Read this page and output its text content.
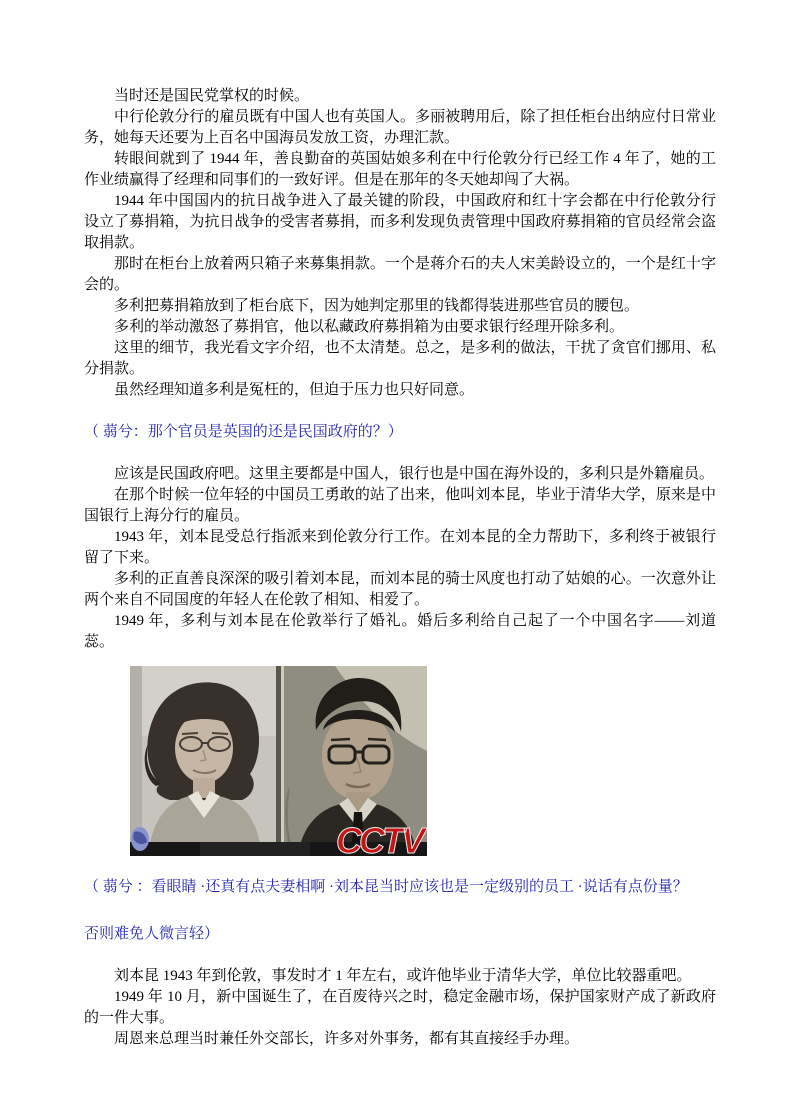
当时还是国民党掌权的时候。

中行伦敦分行的雇员既有中国人也有英国人。多丽被聘用后，除了担任柜台出纳应付日常业务，她每天还要为上百名中国海员发放工资，办理汇款。

转眼间就到了 1944 年，善良勤奋的英国姑娘多利在中行伦敦分行已经工作 4 年了，她的工作业绩赢得了经理和同事们的一致好评。但是在那年的冬天她却闯了大祸。

1944 年中国国内的抗日战争进入了最关键的阶段，中国政府和红十字会都在中行伦敦分行设立了募捐箱，为抗日战争的受害者募捐，而多利发现负责管理中国政府募捐箱的官员经常会盗取捐款。

那时在柜台上放着两只箱子来募集捐款。一个是蒋介石的夫人宋美龄设立的，一个是红十字会的。

多利把募捐箱放到了柜台底下，因为她判定那里的钱都得装进那些官员的腰包。

多利的举动激怒了募捐官，他以私藏政府募捐箱为由要求银行经理开除多利。

这里的细节，我光看文字介绍，也不太清楚。总之，是多利的做法，干扰了贪官们挪用、私分捐款。

虽然经理知道多利是冤枉的，但迫于压力也只好同意。

（ 蒻兮：那个官员是英国的还是民国政府的？）

应该是民国政府吧。这里主要都是中国人，银行也是中国在海外设的，多利只是外籍雇员。

在那个时候一位年轻的中国员工勇敢的站了出来，他叫刘本昆，毕业于清华大学，原来是中国银行上海分行的雇员。

1943 年，刘本昆受总行指派来到伦敦分行工作。在刘本昆的全力帮助下，多利终于被银行留了下来。

多利的正直善良深深的吸引着刘本昆，而刘本昆的骑士风度也打动了姑娘的心。一次意外让两个来自不同国度的年轻人在伦敦了相知、相爱了。

1949 年，多利与刘本昆在伦敦举行了婚礼。婚后多利给自己起了一个中国名字——刘道蕊。

CCTV

（ 蒻兮 ：看眼睛 ·还真有点夫妻相啊 ·刘本昆当时应该也是一定级别的员工 ·说话有点份量？

否则难免人微言轻）

刘本昆 1943 年到伦敦，事发时才 1 年左右，或许他毕业于清华大学，单位比较器重吧。

1949 年 10 月，新中国诞生了，在百废待兴之时，稳定金融市场，保护国家财产成了新政府的一件大事。

周恩来总理当时兼任外交部长，许多对外事务，都有其直接经手办理。
